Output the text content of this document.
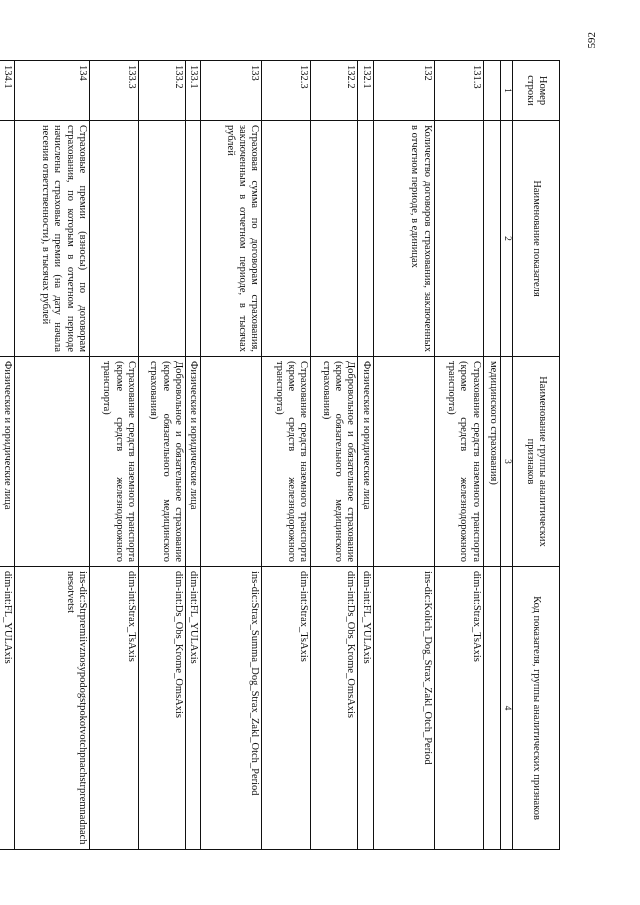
592
Номер строки	Наименование показателя	Наименование группы аналитических признаков	Код показателя, группы аналитических признаков
1	2	3	4
		медицинского страхования)	
131.3		Страхование средств наземного транспорта (кроме средств железнодорожного транспорта)	dim-int:Strax_TsAxis
132	Количество договоров страхования, заключенных в отчетном периоде, в единицах		ins-dic:Kolich_Dog_Strax_Zakl_Otch_Period
132.1		Физические и юридические лица	dim-int:FL_YULAxis
132.2		Добровольное и обязательное страхование (кроме обязательного медицинского страхования)	dim-int:Ds_Obs_Krome_OmsAxis
132.3		Страхование средств наземного транспорта (кроме средств железнодорожного транспорта)	dim-int:Strax_TsAxis
133	Страховая сумма по договорам страхования, заключенным в отчетном периоде, в тысячах рублей		ins-dic:Strax_Summa_Dog_Strax_Zakl_Otch_Period
133.1		Физические и юридические лица	dim-int:FL_YULAxis
133.2		Добровольное и обязательное страхование (кроме обязательного медицинского страхования)	dim-int:Ds_Obs_Krome_OmsAxis
133.3		Страхование средств наземного транспорта (кроме средств железнодорожного транспорта)	dim-int:Strax_TsAxis
134	Страховые премии (взносы) по договорам страхования, по которым в отчетном периоде начислены страховые премии (на дату начала несения ответственности), в тысячах рублей		ins-dic:Strpremiivznosypodogstpokotvotchpnachstrpremnadnachnesotvetst
134.1		Физические и юридические лица	dim-int:FL_YULAxis
